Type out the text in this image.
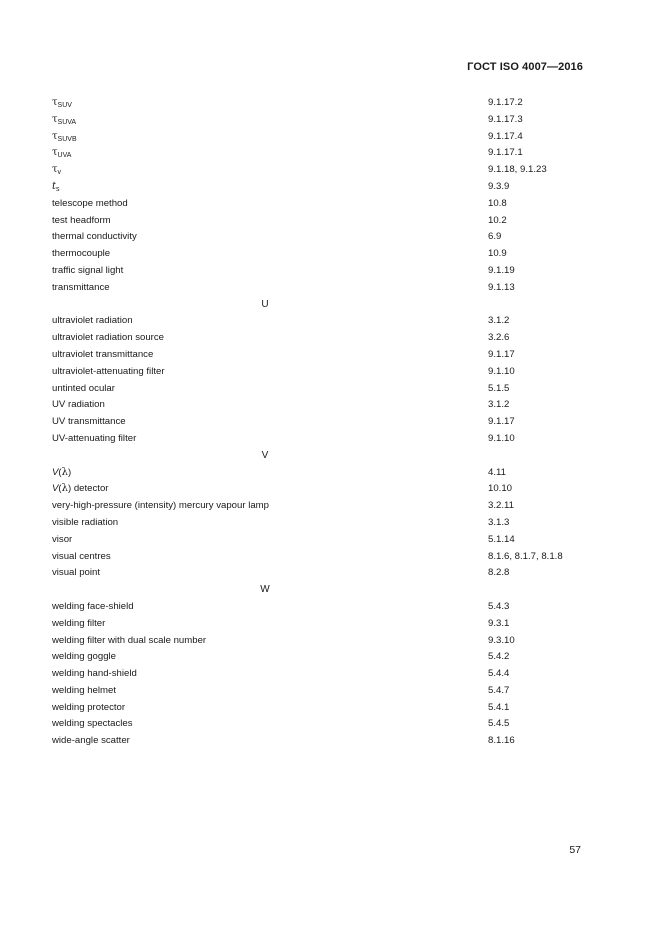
ГОСТ ISO 4007—2016
$\tau_{SUV}$	9.1.17.2
$\tau_{SUVA}$	9.1.17.3
$\tau_{SUVB}$	9.1.17.4
$\tau_{UVA}$	9.1.17.1
$\tau_v$	9.1.18, 9.1.23
$t_s$	9.3.9
telescope method	10.8
test headform	10.2
thermal conductivity	6.9
thermocouple	10.9
traffic signal light	9.1.19
transmittance	9.1.13
U
ultraviolet radiation	3.1.2
ultraviolet radiation source	3.2.6
ultraviolet transmittance	9.1.17
ultraviolet-attenuating filter	9.1.10
untinted ocular	5.1.5
UV radiation	3.1.2
UV transmittance	9.1.17
UV-attenuating filter	9.1.10
V
V(λ)	4.11
V(λ) detector	10.10
very-high-pressure (intensity) mercury vapour lamp	3.2.11
visible radiation	3.1.3
visor	5.1.14
visual centres	8.1.6, 8.1.7, 8.1.8
visual point	8.2.8
W
welding face-shield	5.4.3
welding filter	9.3.1
welding filter with dual scale number	9.3.10
welding goggle	5.4.2
welding hand-shield	5.4.4
welding helmet	5.4.7
welding protector	5.4.1
welding spectacles	5.4.5
wide-angle scatter	8.1.16
57
